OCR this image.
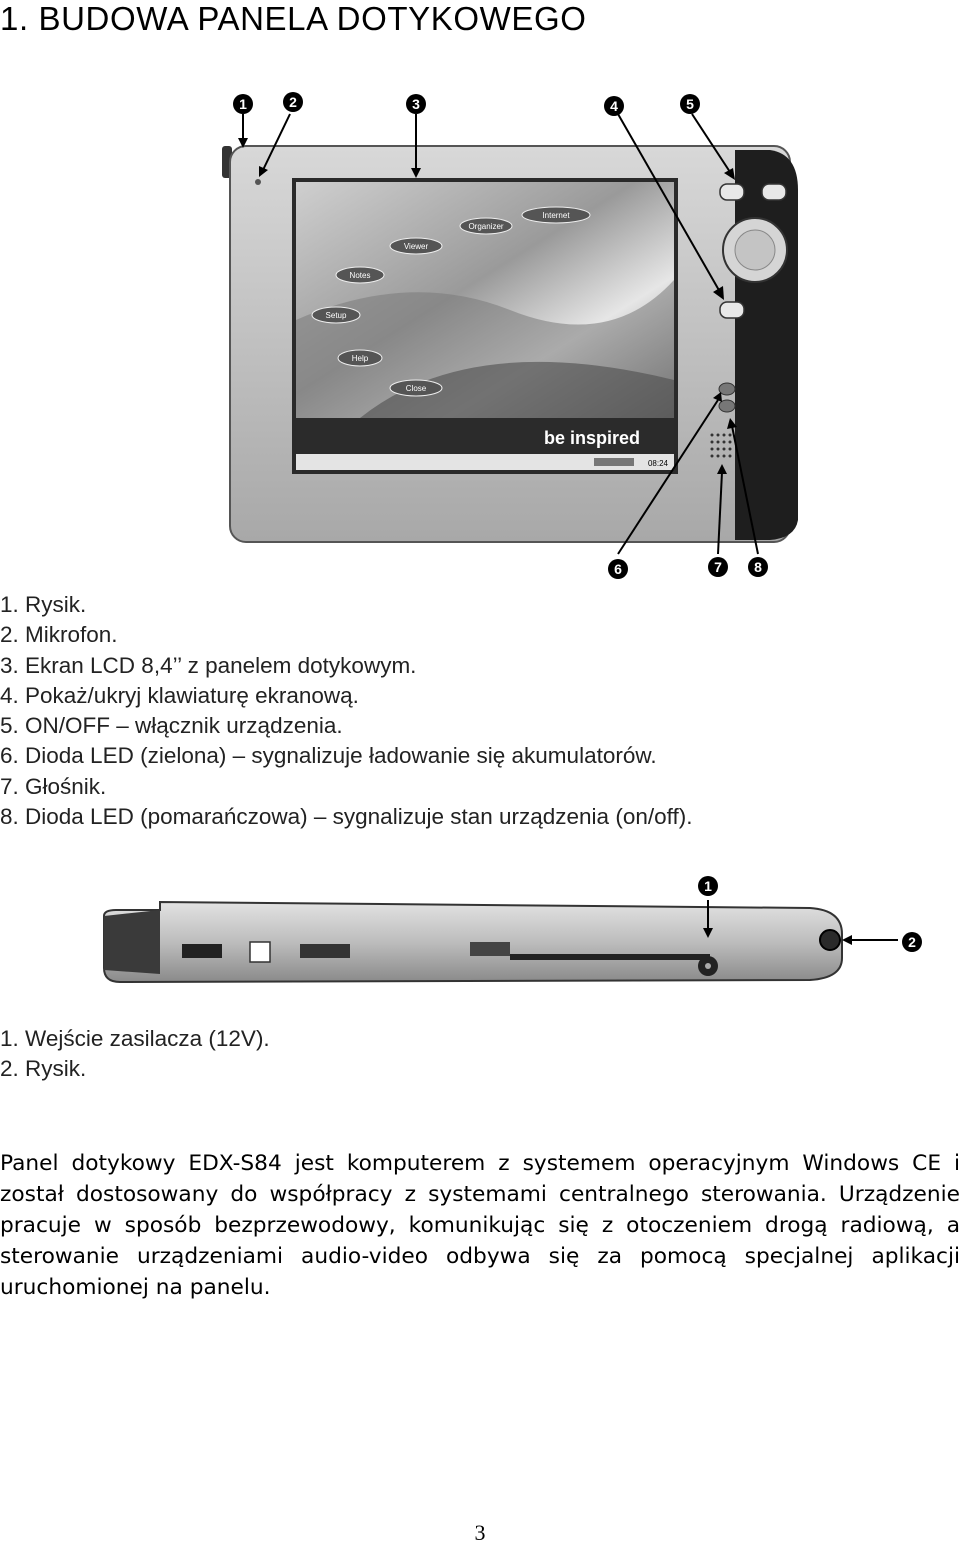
1. BUDOWA PANELA DOTYKOWEGO
Internet
Organizer
Viewer
Notes
Setup
Help
Close
be inspired
08:24
1	2	3	4	5
6	7 8
1. Rysik.
2. Mikrofon.
3. Ekran LCD 8,4’’ z panelem dotykowym.
4. Pokaż/ukryj klawiaturę ekranową.
5. ON/OFF – włącznik urządzenia.
6. Dioda LED (zielona) – sygnalizuje ładowanie się akumulatorów.
7. Głośnik.
8. Dioda LED (pomarańczowa) – sygnalizuje stan urządzenia (on/off).
1
2
1. Wejście zasilacza (12V).
2. Rysik.

Panel dotykowy EDX-S84 jest komputerem z systemem operacyjnym Windows CE i został dostosowany do współpracy z systemami centralnego sterowania. Urządzenie pracuje w sposób bezprzewodowy, komunikując się z otoczeniem drogą radiową, a sterowanie urządzeniami audio-video odbywa się za pomocą specjalnej aplikacji uruchomionej na panelu.

3
